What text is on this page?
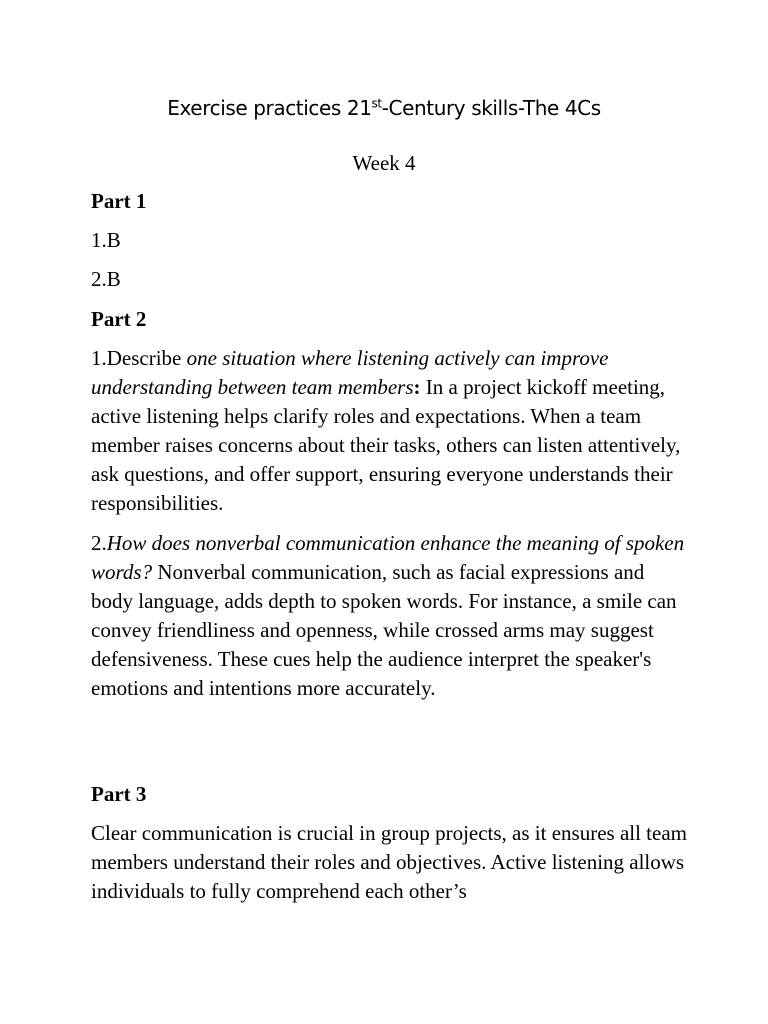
Exercise practices 21st-Century skills-The 4Cs
Week 4
Part 1
1.B
2.B
Part 2

1.Describe one situation where listening actively can improve understanding between team members: In a project kickoff meeting, active listening helps clarify roles and expectations. When a team member raises concerns about their tasks, others can listen attentively, ask questions, and offer support, ensuring everyone understands their responsibilities.

2.How does nonverbal communication enhance the meaning of spoken words? Nonverbal communication, such as facial expressions and body language, adds depth to spoken words. For instance, a smile can convey friendliness and openness, while crossed arms may suggest defensiveness. These cues help the audience interpret the speaker's emotions and intentions more accurately.

Part 3

Clear communication is crucial in group projects, as it ensures all team members understand their roles and objectives. Active listening allows individuals to fully comprehend each other’s
